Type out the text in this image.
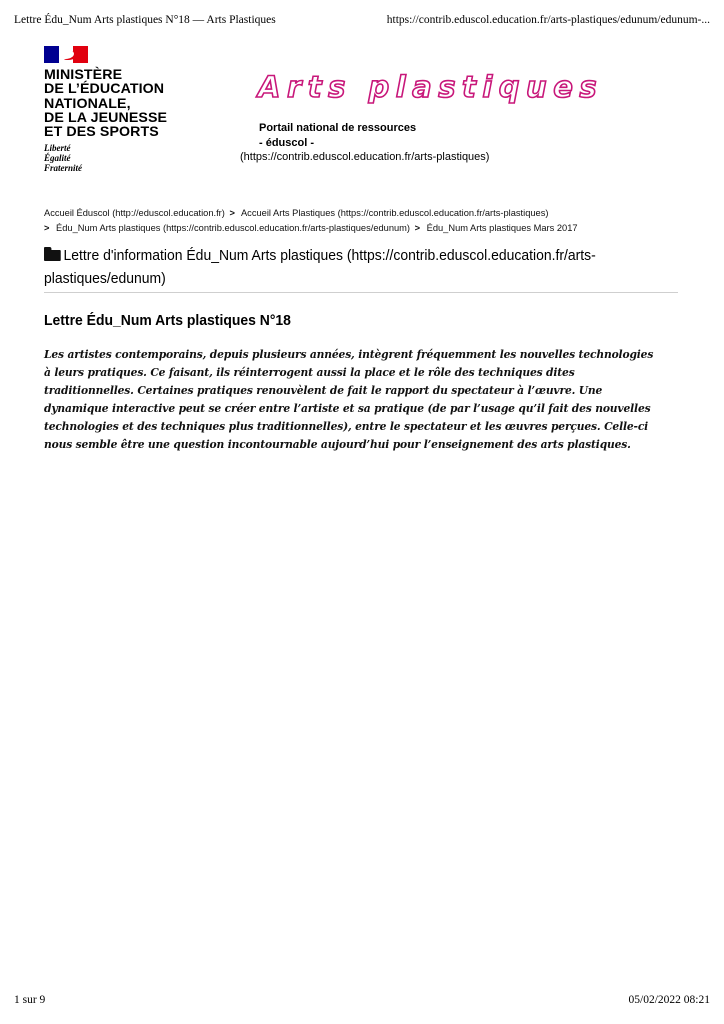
Lettre Édu_Num Arts plastiques N°18 — Arts Plastiques	https://contrib.eduscol.education.fr/arts-plastiques/edunum/edunum-...
MINISTÈRE
DE L’ÉDUCATION
NATIONALE,
DE LA JEUNESSE
ET DES SPORTS
Liberté
Égalité
Fraternité
Arts plastiques
Portail national de ressources
- éduscol -
(https://contrib.eduscol.education.fr/arts-plastiques)
Accueil Éduscol (http://eduscol.education.fr) > Accueil Arts Plastiques (https://contrib.eduscol.education.fr/arts-plastiques)
> Édu_Num Arts plastiques (https://contrib.eduscol.education.fr/arts-plastiques/edunum) > Édu_Num Arts plastiques Mars 2017
Lettre d'information Édu_Num Arts plastiques (https://contrib.eduscol.education.fr/arts-
plastiques/edunum)
Lettre Édu_Num Arts plastiques N°18
Les artistes contemporains, depuis plusieurs années, intègrent fréquemment les nouvelles technologies
à leurs pratiques. Ce faisant, ils réinterrogent aussi la place et le rôle des techniques dites
traditionnelles. Certaines pratiques renouvèlent de fait le rapport du spectateur à l’œuvre. Une
dynamique interactive peut se créer entre l’artiste et sa pratique (de par l’usage qu’il fait des nouvelles
technologies et des techniques plus traditionnelles), entre le spectateur et les œuvres perçues. Celle-ci
nous semble être une question incontournable aujourd’hui pour l’enseignement des arts plastiques.
1 sur 9	05/02/2022 08:21
